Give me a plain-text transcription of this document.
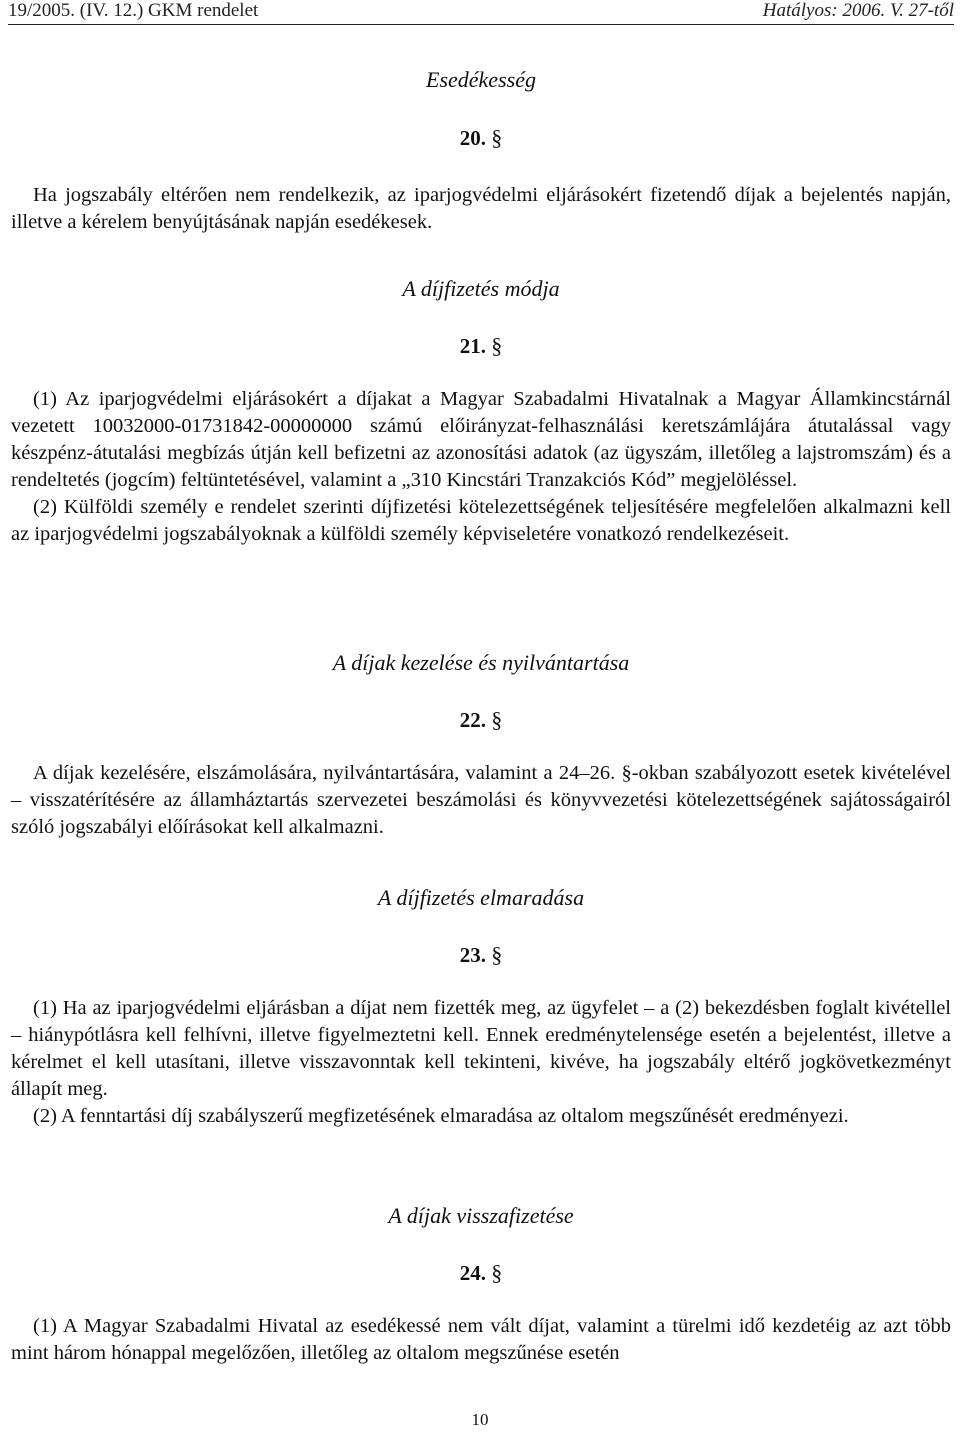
19/2005. (IV. 12.) GKM rendelet	Hatályos: 2006. V. 27-től
Esedékesség
20. §

Ha jogszabály eltérően nem rendelkezik, az iparjogvédelmi eljárásokért fizetendő díjak a bejelentés napján, illetve a kérelem benyújtásának napján esedékesek.

A díjfizetés módja
21. §

(1) Az iparjogvédelmi eljárásokért a díjakat a Magyar Szabadalmi Hivatalnak a Magyar Államkincstárnál vezetett 10032000-01731842-00000000 számú előirányzat-felhasználási keretszámlájára átutalással vagy készpénz-átutalási megbízás útján kell befizetni az azonosítási adatok (az ügyszám, illetőleg a lajstromszám) és a rendeltetés (jogcím) feltüntetésével, valamint a „310 Kincstári Tranzakciós Kód” megjelöléssel.

(2) Külföldi személy e rendelet szerinti díjfizetési kötelezettségének teljesítésére megfelelően alkalmazni kell az iparjogvédelmi jogszabályoknak a külföldi személy képviseletére vonatkozó rendelkezéseit.

A díjak kezelése és nyilvántartása
22. §

A díjak kezelésére, elszámolására, nyilvántartására, valamint a 24–26. §-okban szabályozott esetek kivételével – visszatérítésére az államháztartás szervezetei beszámolási és könyvvezetési kötelezettségének sajátosságairól szóló jogszabályi előírásokat kell alkalmazni.

A díjfizetés elmaradása
23. §

(1) Ha az iparjogvédelmi eljárásban a díjat nem fizették meg, az ügyfelet – a (2) bekezdésben foglalt kivétellel – hiánypótlásra kell felhívni, illetve figyelmeztetni kell. Ennek eredménytelensége esetén a bejelentést, illetve a kérelmet el kell utasítani, illetve visszavonntak kell tekinteni, kivéve, ha jogszabály eltérő jogkövetkezményt állapít meg.

(2) A fenntartási díj szabályszerű megfizetésének elmaradása az oltalom megszűnését eredményezi.

A díjak visszafizetése
24. §

(1) A Magyar Szabadalmi Hivatal az esedékessé nem vált díjat, valamint a türelmi idő kezdetéig az azt több mint három hónappal megelőzően, illetőleg az oltalom megszűnése esetén

10
